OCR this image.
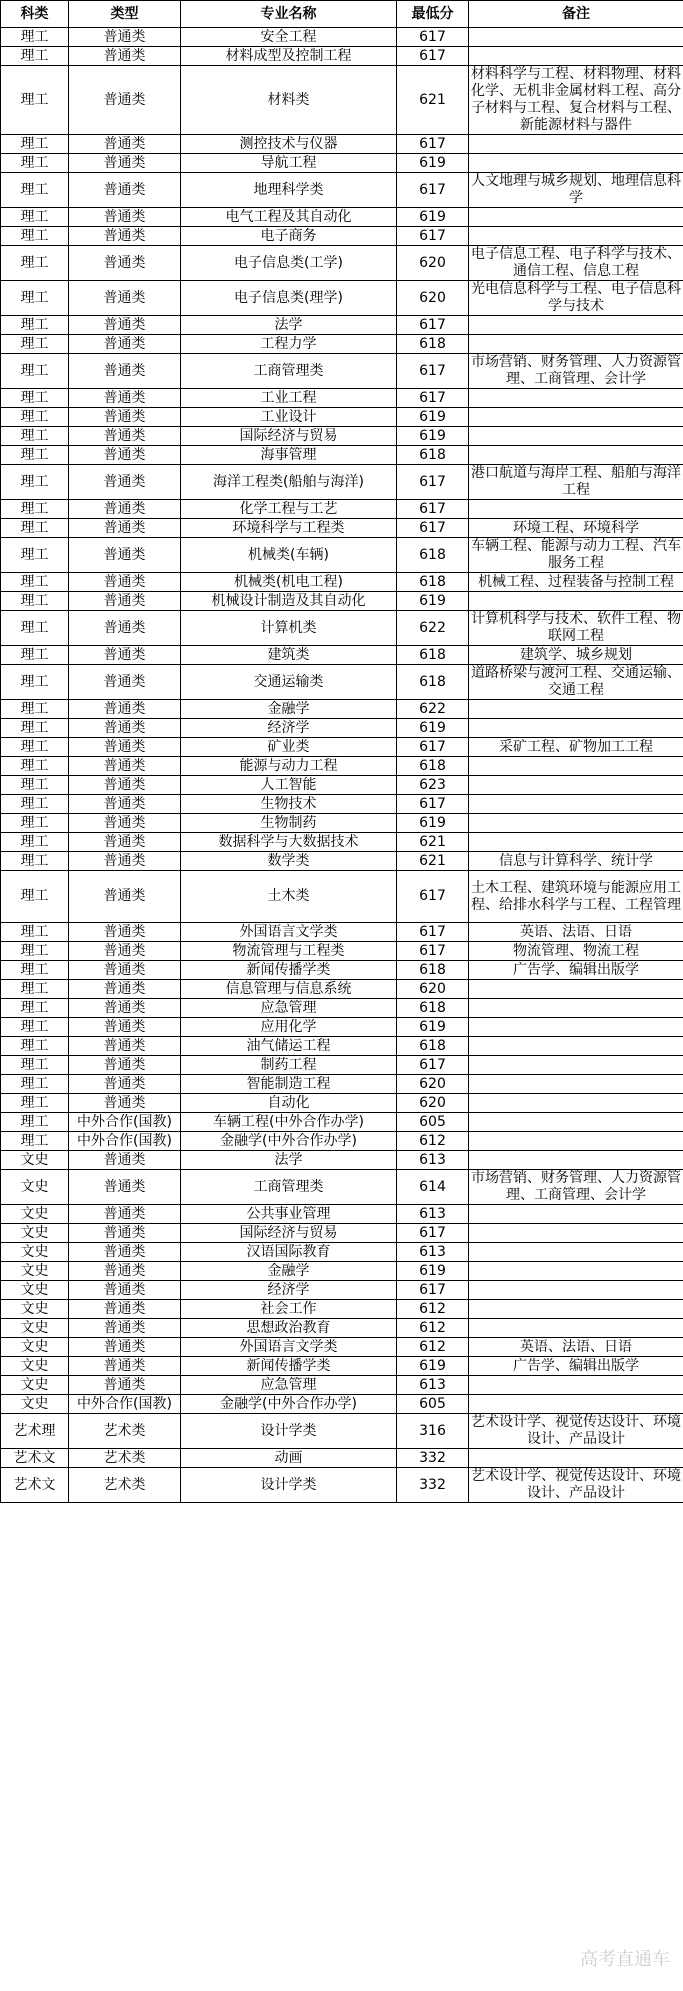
科类	类型	专业名称	最低分	备注
理工	普通类	安全工程	617	
理工	普通类	材料成型及控制工程	617	
理工	普通类	材料类	621	材料科学与工程、材料物理、材料化学、无机非金属材料工程、高分子材料与工程、复合材料与工程、新能源材料与器件
理工	普通类	测控技术与仪器	617	
理工	普通类	导航工程	619	
理工	普通类	地理科学类	617	人文地理与城乡规划、地理信息科学
理工	普通类	电气工程及其自动化	619	
理工	普通类	电子商务	617	
理工	普通类	电子信息类(工学)	620	电子信息工程、电子科学与技术、通信工程、信息工程
理工	普通类	电子信息类(理学)	620	光电信息科学与工程、电子信息科学与技术
理工	普通类	法学	617	
理工	普通类	工程力学	618	
理工	普通类	工商管理类	617	市场营销、财务管理、人力资源管理、工商管理、会计学
理工	普通类	工业工程	617	
理工	普通类	工业设计	619	
理工	普通类	国际经济与贸易	619	
理工	普通类	海事管理	618	
理工	普通类	海洋工程类(船舶与海洋)	617	港口航道与海岸工程、船舶与海洋工程
理工	普通类	化学工程与工艺	617	
理工	普通类	环境科学与工程类	617	环境工程、环境科学
理工	普通类	机械类(车辆)	618	车辆工程、能源与动力工程、汽车服务工程
理工	普通类	机械类(机电工程)	618	机械工程、过程装备与控制工程
理工	普通类	机械设计制造及其自动化	619	
理工	普通类	计算机类	622	计算机科学与技术、软件工程、物联网工程
理工	普通类	建筑类	618	建筑学、城乡规划
理工	普通类	交通运输类	618	道路桥梁与渡河工程、交通运输、交通工程
理工	普通类	金融学	622	
理工	普通类	经济学	619	
理工	普通类	矿业类	617	采矿工程、矿物加工工程
理工	普通类	能源与动力工程	618	
理工	普通类	人工智能	623	
理工	普通类	生物技术	617	
理工	普通类	生物制药	619	
理工	普通类	数据科学与大数据技术	621	
理工	普通类	数学类	621	信息与计算科学、统计学
理工	普通类	土木类	617	土木工程、建筑环境与能源应用工程、给排水科学与工程、工程管理
理工	普通类	外国语言文学类	617	英语、法语、日语
理工	普通类	物流管理与工程类	617	物流管理、物流工程
理工	普通类	新闻传播学类	618	广告学、编辑出版学
理工	普通类	信息管理与信息系统	620	
理工	普通类	应急管理	618	
理工	普通类	应用化学	619	
理工	普通类	油气储运工程	618	
理工	普通类	制药工程	617	
理工	普通类	智能制造工程	620	
理工	普通类	自动化	620	
理工	中外合作(国教)	车辆工程(中外合作办学)	605	
理工	中外合作(国教)	金融学(中外合作办学)	612	
文史	普通类	法学	613	
文史	普通类	工商管理类	614	市场营销、财务管理、人力资源管理、工商管理、会计学
文史	普通类	公共事业管理	613	
文史	普通类	国际经济与贸易	617	
文史	普通类	汉语国际教育	613	
文史	普通类	金融学	619	
文史	普通类	经济学	617	
文史	普通类	社会工作	612	
文史	普通类	思想政治教育	612	
文史	普通类	外国语言文学类	612	英语、法语、日语
文史	普通类	新闻传播学类	619	广告学、编辑出版学
文史	普通类	应急管理	613	
文史	中外合作(国教)	金融学(中外合作办学)	605	
艺术理	艺术类	设计学类	316	艺术设计学、视觉传达设计、环境设计、产品设计
艺术文	艺术类	动画	332	
艺术文	艺术类	设计学类	332	艺术设计学、视觉传达设计、环境设计、产品设计
高考直通车
